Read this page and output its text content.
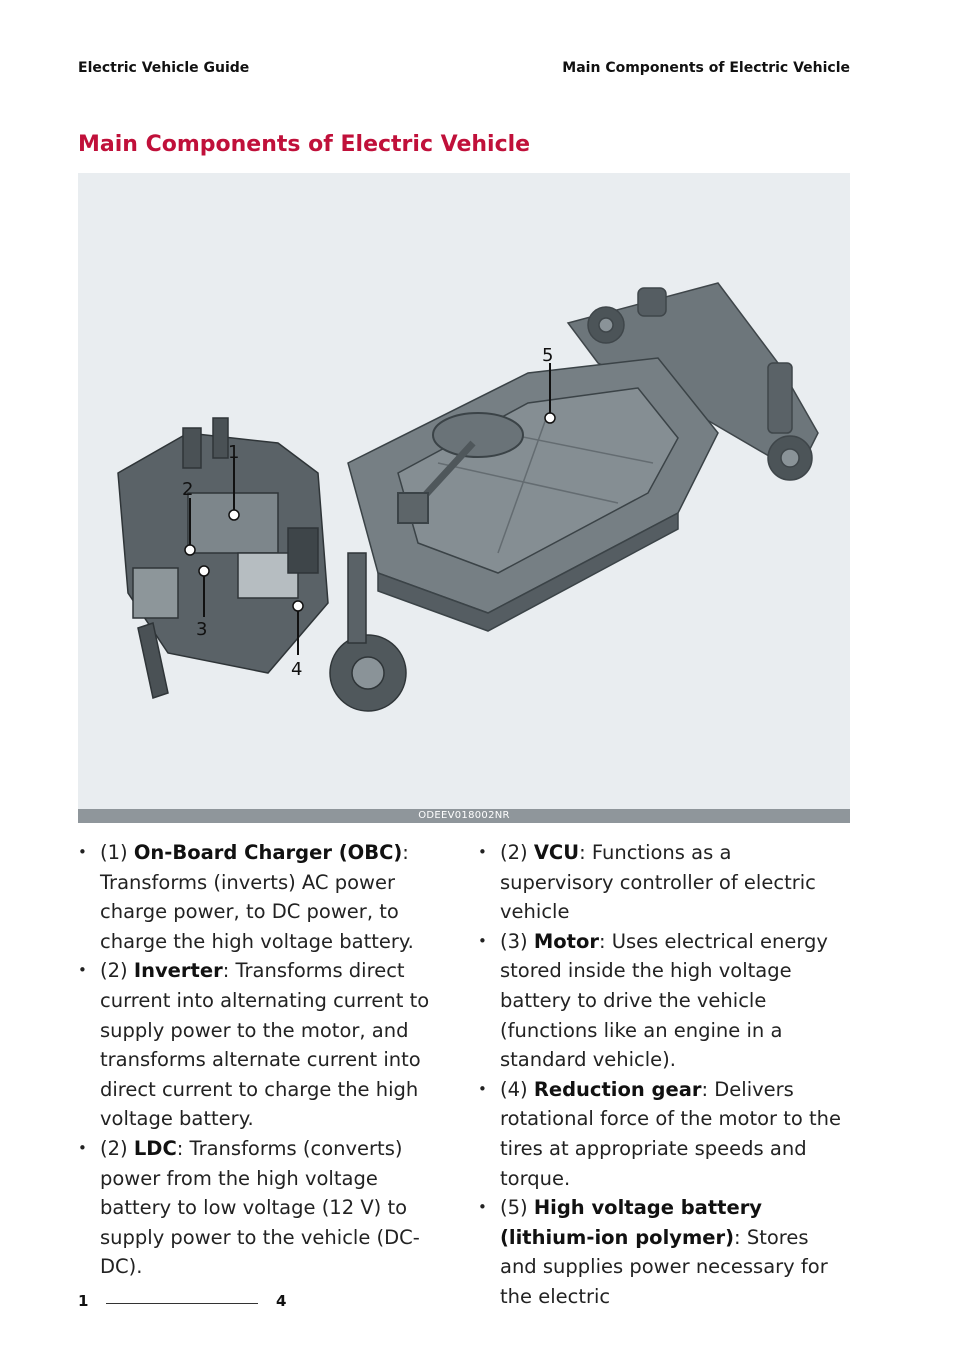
Electric Vehicle Guide	Main Components of Electric Vehicle
Main Components of Electric Vehicle
1
2
3
4
5
ODEEV018002NR
• (1) On-Board Charger (OBC): Transforms (inverts) AC power charge power, to DC power, to charge the high voltage battery.
• (2) Inverter: Transforms direct current into alternating current to supply power to the motor, and transforms alternate current into direct current to charge the high voltage battery.
• (2) LDC: Transforms (converts) power from the high voltage battery to low voltage (12 V) to supply power to the vehicle (DC-DC).
• (2) VCU: Functions as a supervisory controller of electric vehicle
• (3) Motor: Uses electrical energy stored inside the high voltage battery to drive the vehicle (functions like an engine in a standard vehicle).
• (4) Reduction gear: Delivers rotational force of the motor to the tires at appropriate speeds and torque.
• (5) High voltage battery (lithium-ion polymer): Stores and supplies power necessary for the electric
1	4
